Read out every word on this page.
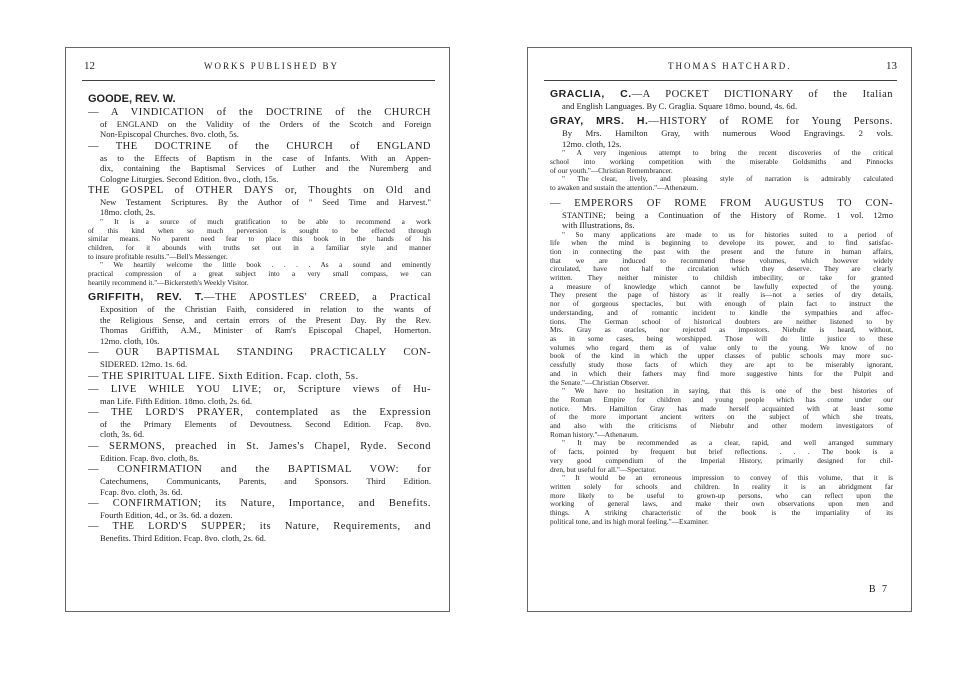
12	WORKS PUBLISHED BY
GOODE, REV. W.
— A VINDICATION of the DOCTRINE of the CHURCH
of ENGLAND on the Validity of the Orders of the Scotch and Foreign
Non-Episcopal Churches. 8vo. cloth, 5s.
— THE DOCTRINE of the CHURCH of ENGLAND
as to the Effects of Baptism in the case of Infants. With an Appen-
dix, containing the Baptismal Services of Luther and the Nuremberg and
Cologne Liturgies. Second Edition. 8vo., cloth, 15s.
THE GOSPEL of OTHER DAYS or, Thoughts on Old and
New Testament Scriptures. By the Author of " Seed Time and Harvest."
18mo. cloth, 2s.
" It is a source of much gratification to be able to recommend a work
of this kind when so much perversion is sought to be effected through
similar means. No parent need fear to place this book in the hands of his
children, for it abounds with truths set out in a familiar style and manner
to insure profitable results."—Bell's Messenger.
" We heartily welcome the little book . . . . As a sound and eminently
practical compression of a great subject into a very small compass, we can
heartily recommend it."—Bickersteth's Weekly Visitor.
GRIFFITH, REV. T.—THE APOSTLES' CREED, a Practical
Exposition of the Christian Faith, considered in relation to the wants of
the Religious Sense, and certain errors of the Present Day. By the Rev.
Thomas Griffith, A.M., Minister of Ram's Episcopal Chapel, Homerton.
12mo. cloth, 10s.
— OUR BAPTISMAL STANDING PRACTICALLY CON-
SIDERED. 12mo. 1s. 6d.
— THE SPIRITUAL LIFE. Sixth Edition. Fcap. cloth, 5s.
— LIVE WHILE YOU LIVE; or, Scripture views of Hu-
man Life. Fifth Edition. 18mo. cloth, 2s. 6d.
— THE LORD'S PRAYER, contemplated as the Expression
of the Primary Elements of Devoutness. Second Edition. Fcap. 8vo.
cloth, 3s. 6d.
— SERMONS, preached in St. James's Chapel, Ryde. Second
Edition. Fcap. 8vo. cloth, 8s.
— CONFIRMATION and the BAPTISMAL VOW: for
Catechumens, Communicants, Parents, and Sponsors. Third Edition.
Fcap. 8vo. cloth, 3s. 6d.
— CONFIRMATION; its Nature, Importance, and Benefits.
Fourth Edition, 4d., or 3s. 6d. a dozen.
— THE LORD'S SUPPER; its Nature, Requirements, and
Benefits. Third Edition. Fcap. 8vo. cloth, 2s. 6d.
THOMAS HATCHARD.	13
GRACLIA, C.—A POCKET DICTIONARY of the Italian
and English Languages. By C. Graglia. Square 18mo. bound, 4s. 6d.
GRAY, MRS. H.—HISTORY of ROME for Young Persons.
By Mrs. Hamilton Gray, with numerous Wood Engravings. 2 vols.
12mo. cloth, 12s.
" A very ingenious attempt to bring the recent discoveries of the critical
school into working competition with the miserable Goldsmiths and Pinnocks
of our youth."—Christian Remembrancer.
" The clear, lively, and pleasing style of narration is admirably calculated
to awaken and sustain the attention."—Athenæum.
— EMPERORS OF ROME FROM AUGUSTUS TO CON-
STANTINE; being a Continuation of the History of Rome. 1 vol. 12mo
with Illustrations, 8s.
" So many applications are made to us for histories suited to a period of
life when the mind is beginning to develope its power, and to find satisfac-
tion in connecting the past with the present and the future in human affairs,
that we are induced to recommend these volumes, which however widely
circulated, have not half the circulation which they deserve. They are clearly
written. They neither minister to childish imbecility, or take for granted
a measure of knowledge which cannot be lawfully expected of the young.
They present the page of history as it really is—not a series of dry details,
nor of gorgeous spectacles, but with enough of plain fact to instruct the
understanding, and of romantic incident to kindle the sympathies and affec-
tions. The German school of historical doubters are neither listened to by
Mrs. Gray as oracles, nor rejected as impostors. Niebuhr is heard, without,
as in some cases, being worshipped. Those will do little justice to these
volumes who regard them as of value only to the young. We know of no
book of the kind in which the upper classes of public schools may more suc-
cessfully study those facts of which they are apt to be miserably ignorant,
and in which their fathers may find more suggestive hints for the Pulpit and
the Senate."—Christian Observer.
" We have no hesitation in saying, that this is one of the best histories of
the Roman Empire for children and young people which has come under our
notice. Mrs. Hamilton Gray has made herself acquainted with at least some
of the more important ancient writers on the subject of which she treats,
and also with the criticisms of Niebuhr and other modern investigators of
Roman history."—Athenæum.
" It may be recommended as a clear, rapid, and well arranged summary
of facts, pointed by frequent but brief reflections. . . . The book is a
very good compendium of the Imperial History, primarily designed for chil-
dren, but useful for all."—Spectator.
" It would be an erroneous impression to convey of this volume, that it is
written solely for schools and children. In reality it is an abridgment far
more likely to be useful to grown-up persons, who can reflect upon the
working of general laws, and make their own observations upon men and
things. A striking characteristic of the book is the impartiality of its
political tone, and its high moral feeling."—Examiner.
B 7
